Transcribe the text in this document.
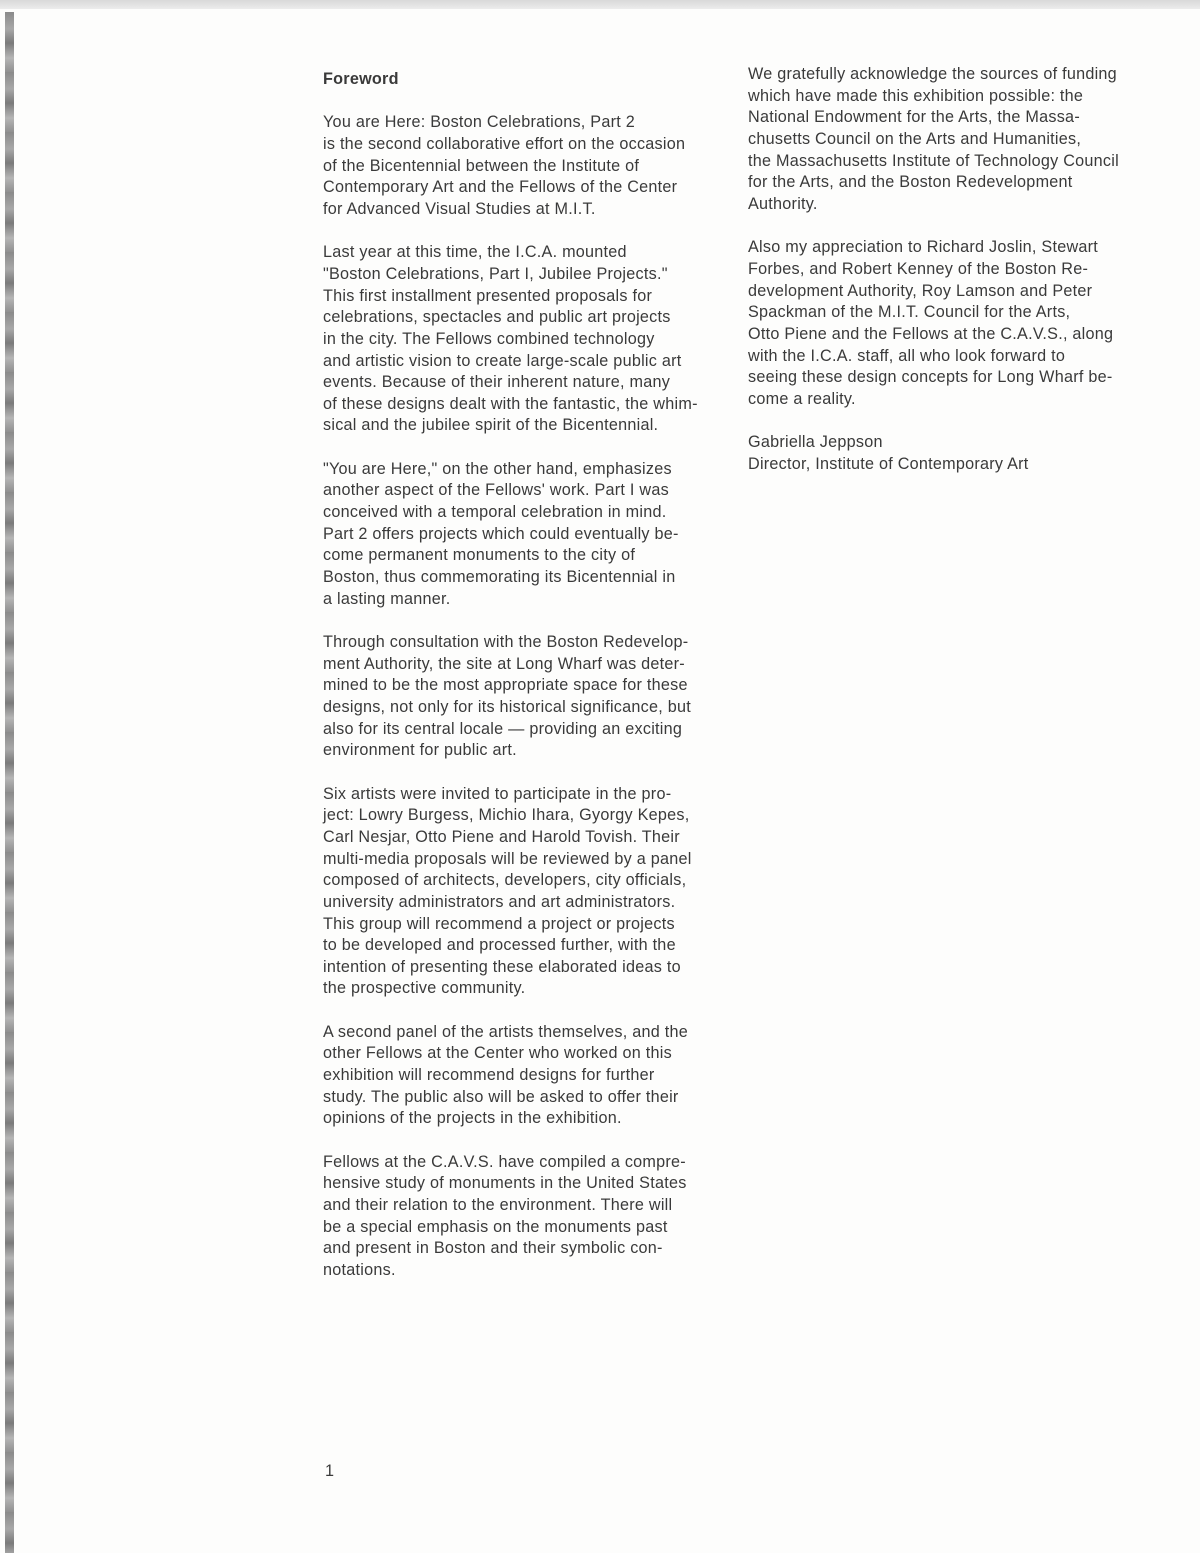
Foreword
You are Here: Boston Celebrations, Part 2
is the second collaborative effort on the occasion
of the Bicentennial between the Institute of
Contemporary Art and the Fellows of the Center
for Advanced Visual Studies at M.I.T.
Last year at this time, the I.C.A. mounted
"Boston Celebrations, Part I, Jubilee Projects."
This first installment presented proposals for
celebrations, spectacles and public art projects
in the city. The Fellows combined technology
and artistic vision to create large-scale public art
events. Because of their inherent nature, many
of these designs dealt with the fantastic, the whim-
sical and the jubilee spirit of the Bicentennial.
"You are Here," on the other hand, emphasizes
another aspect of the Fellows' work. Part I was
conceived with a temporal celebration in mind.
Part 2 offers projects which could eventually be-
come permanent monuments to the city of
Boston, thus commemorating its Bicentennial in
a lasting manner.
Through consultation with the Boston Redevelop-
ment Authority, the site at Long Wharf was deter-
mined to be the most appropriate space for these
designs, not only for its historical significance, but
also for its central locale — providing an exciting
environment for public art.
Six artists were invited to participate in the pro-
ject: Lowry Burgess, Michio Ihara, Gyorgy Kepes,
Carl Nesjar, Otto Piene and Harold Tovish. Their
multi-media proposals will be reviewed by a panel
composed of architects, developers, city officials,
university administrators and art administrators.
This group will recommend a project or projects
to be developed and processed further, with the
intention of presenting these elaborated ideas to
the prospective community.
A second panel of the artists themselves, and the
other Fellows at the Center who worked on this
exhibition will recommend designs for further
study. The public also will be asked to offer their
opinions of the projects in the exhibition.
Fellows at the C.A.V.S. have compiled a compre-
hensive study of monuments in the United States
and their relation to the environment. There will
be a special emphasis on the monuments past
and present in Boston and their symbolic con-
notations.
We gratefully acknowledge the sources of funding
which have made this exhibition possible: the
National Endowment for the Arts, the Massa-
chusetts Council on the Arts and Humanities,
the Massachusetts Institute of Technology Council
for the Arts, and the Boston Redevelopment
Authority.
Also my appreciation to Richard Joslin, Stewart
Forbes, and Robert Kenney of the Boston Re-
development Authority, Roy Lamson and Peter
Spackman of the M.I.T. Council for the Arts,
Otto Piene and the Fellows at the C.A.V.S., along
with the I.C.A. staff, all who look forward to
seeing these design concepts for Long Wharf be-
come a reality.
Gabriella Jeppson
Director, Institute of Contemporary Art
1
